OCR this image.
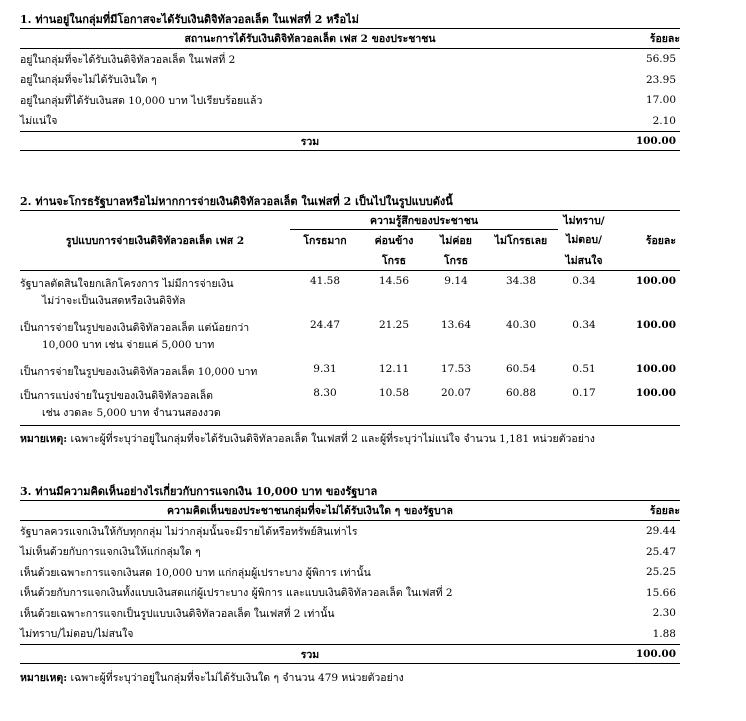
1. ท่านอยู่ในกลุ่มที่มีโอกาสจะได้รับเงินดิจิทัลวอลเล็ต ในเฟสที่ 2 หรือไม่
สถานะการได้รับเงินดิจิทัลวอลเล็ต เฟส 2 ของประชาชน	ร้อยละ
อยู่ในกลุ่มที่จะได้รับเงินดิจิทัลวอลเล็ต ในเฟสที่ 2	56.95
อยู่ในกลุ่มที่จะไม่ได้รับเงินใด ๆ	23.95
อยู่ในกลุ่มที่ได้รับเงินสด 10,000 บาท ไปเรียบร้อยแล้ว	17.00
ไม่แน่ใจ	2.10
รวม	100.00
2. ท่านจะโกรธรัฐบาลหรือไม่หากการจ่ายเงินดิจิทัลวอลเล็ต ในเฟสที่ 2 เป็นไปในรูปแบบดังนี้
รูปแบบการจ่ายเงินดิจิทัลวอลเล็ต เฟส 2	ความรู้สึกของประชาชน				ไม่ทราบ/	ร้อยละ
	โกรธมาก	ค่อนข้าง	ไม่ค่อย	ไม่โกรธเลย	ไม่ตอบ/	
		โกรธ	โกรธ		ไม่สนใจ	
รัฐบาลตัดสินใจยกเลิกโครงการ ไม่มีการจ่ายเงิน
ไม่ว่าจะเป็นเงินสดหรือเงินดิจิทัล	41.58	14.56	9.14	34.38	0.34	100.00
เป็นการจ่ายในรูปของเงินดิจิทัลวอลเล็ต แต่น้อยกว่า
10,000 บาท เช่น จ่ายแค่ 5,000 บาท	24.47	21.25	13.64	40.30	0.34	100.00
เป็นการจ่ายในรูปของเงินดิจิทัลวอลเล็ต 10,000 บาท	9.31	12.11	17.53	60.54	0.51	100.00
เป็นการแบ่งจ่ายในรูปของเงินดิจิทัลวอลเล็ต
เช่น งวดละ 5,000 บาท จำนวนสองงวด	8.30	10.58	20.07	60.88	0.17	100.00
หมายเหตุ: เฉพาะผู้ที่ระบุว่าอยู่ในกลุ่มที่จะได้รับเงินดิจิทัลวอลเล็ต ในเฟสที่ 2 และผู้ที่ระบุว่าไม่แน่ใจ จำนวน 1,181 หน่วยตัวอย่าง
3. ท่านมีความคิดเห็นอย่างไรเกี่ยวกับการแจกเงิน 10,000 บาท ของรัฐบาล
ความคิดเห็นของประชาชนกลุ่มที่จะไม่ได้รับเงินใด ๆ ของรัฐบาล	ร้อยละ
รัฐบาลควรแจกเงินให้กับทุกกลุ่ม ไม่ว่ากลุ่มนั้นจะมีรายได้หรือทรัพย์สินเท่าไร	29.44
ไม่เห็นด้วยกับการแจกเงินให้แก่กลุ่มใด ๆ	25.47
เห็นด้วยเฉพาะการแจกเงินสด 10,000 บาท แก่กลุ่มผู้เปราะบาง ผู้พิการ เท่านั้น	25.25
เห็นด้วยกับการแจกเงินทั้งแบบเงินสดแก่ผู้เปราะบาง ผู้พิการ และแบบเงินดิจิทัลวอลเล็ต ในเฟสที่ 2	15.66
เห็นด้วยเฉพาะการแจกเป็นรูปแบบเงินดิจิทัลวอลเล็ต ในเฟสที่ 2 เท่านั้น	2.30
ไม่ทราบ/ไม่ตอบ/ไม่สนใจ	1.88
รวม	100.00
หมายเหตุ: เฉพาะผู้ที่ระบุว่าอยู่ในกลุ่มที่จะไม่ได้รับเงินใด ๆ จำนวน 479 หน่วยตัวอย่าง
